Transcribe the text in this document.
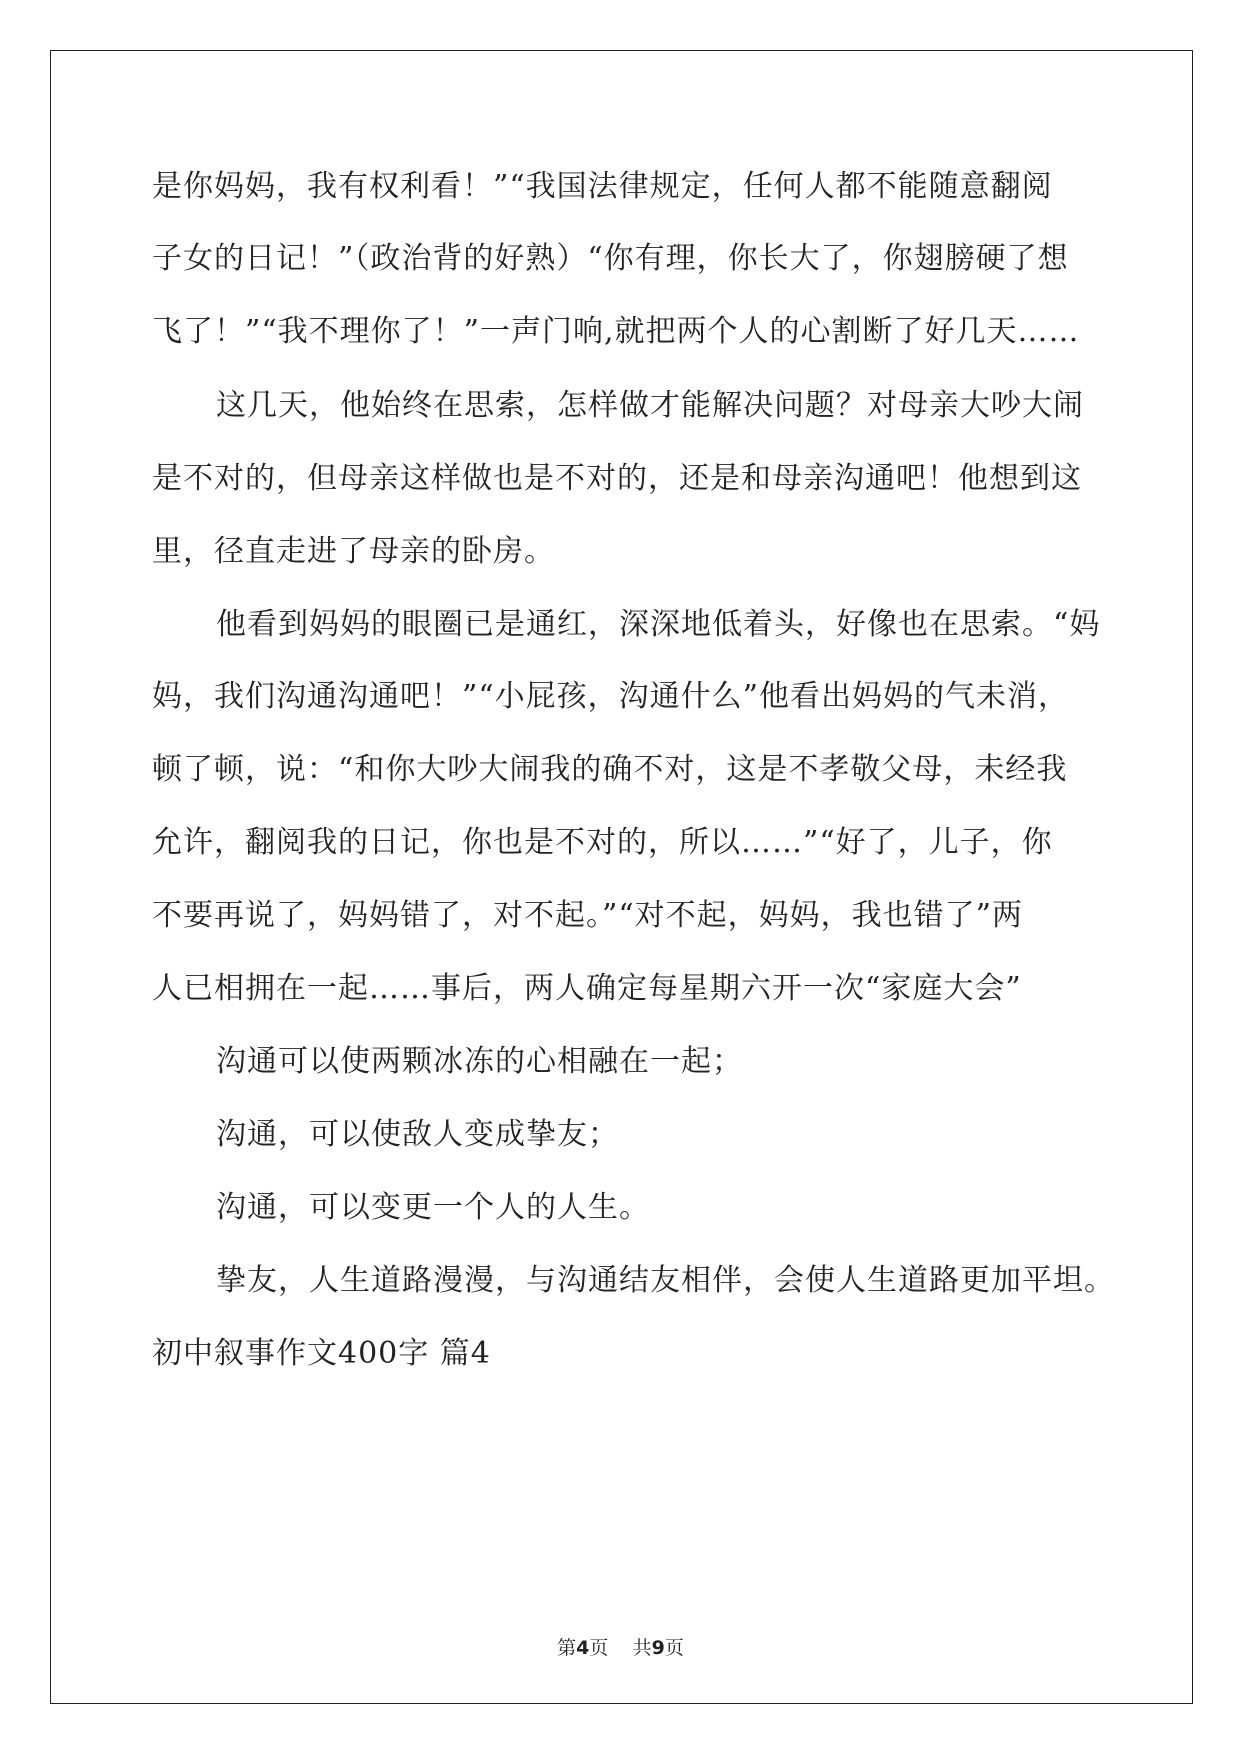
是你妈妈，我有权利看！”“我国法律规定，任何人都不能随意翻阅
子女的日记！”（政治背的好熟）“你有理，你长大了，你翅膀硬了想
飞了！”“我不理你了！”一声门响,就把两个人的心割断了好几天……
这几天，他始终在思索，怎样做才能解决问题？对母亲大吵大闹
是不对的，但母亲这样做也是不对的，还是和母亲沟通吧！他想到这
里，径直走进了母亲的卧房。
他看到妈妈的眼圈已是通红，深深地低着头，好像也在思索。“妈
妈，我们沟通沟通吧！”“小屁孩，沟通什么”他看出妈妈的气未消，
顿了顿，说：“和你大吵大闹我的确不对，这是不孝敬父母，未经我
允许，翻阅我的日记，你也是不对的，所以……”“好了，儿子，你
不要再说了，妈妈错了，对不起。”“对不起，妈妈，我也错了”两
人已相拥在一起……事后，两人确定每星期六开一次“家庭大会”
沟通可以使两颗冰冻的心相融在一起；
沟通，可以使敌人变成挚友；
沟通，可以变更一个人的人生。
挚友，人生道路漫漫，与沟通结友相伴，会使人生道路更加平坦。
初中叙事作文400字 篇4
第4页    共9页
